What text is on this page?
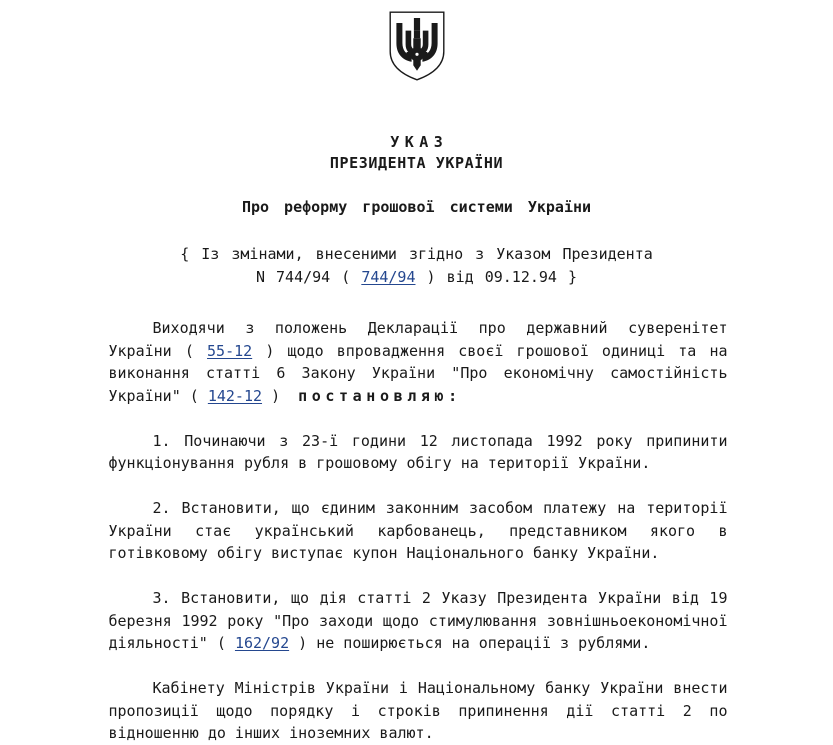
УКАЗ
ПРЕЗИДЕНТА УКРАЇНИ
Про реформу грошової системи України
{ Із змінами, внесеними згідно з Указом Президента
N 744/94 ( 744/94 ) від 09.12.94 }

Виходячи з положень Декларації про державний суверенітет України ( 55-12 ) щодо впровадження своєї грошової одиниці та на виконання статті 6 Закону України "Про економічну самостійність України" ( 142-12 ) постановляю:

1. Починаючи з 23-ї години 12 листопада 1992 року припинити функціонування рубля в грошовому обігу на території України.

2. Встановити, що єдиним законним засобом платежу на території України стає український карбованець, представником якого в готівковому обігу виступає купон Національного банку України.

3. Встановити, що дія статті 2 Указу Президента України від 19 березня 1992 року "Про заходи щодо стимулювання зовнішньоекономічної діяльності" ( 162/92 ) не поширюється на операції з рублями.

Кабінету Міністрів України і Національному банку України внести пропозиції щодо порядку і строків припинення дії статті 2 по відношенню до інших іноземних валют.
